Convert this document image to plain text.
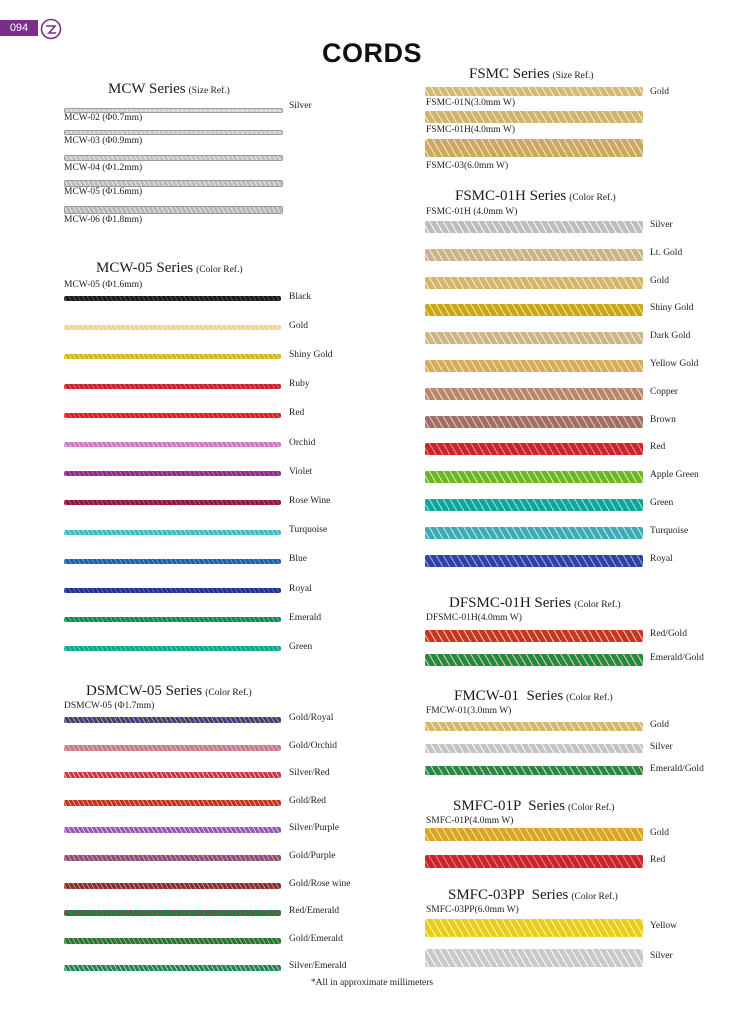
094
CORDS
MCW Series (Size Ref.)
Silver
MCW-02 (Φ0.7mm)
MCW-03 (Φ0.9mm)
MCW-04 (Φ1.2mm)
MCW-05 (Φ1.6mm)
MCW-06 (Φ1.8mm)
MCW-05 Series (Color Ref.)
MCW-05 (Φ1.6mm)
Black
Gold
Shiny Gold
Ruby
Red
Orchid
Violet
Rose Wine
Turquoise
Blue
Royal
Emerald
Green
DSMCW-05 Series (Color Ref.)
DSMCW-05 (Φ1.7mm)
Gold/Royal
Gold/Orchid
Silver/Red
Gold/Red
Silver/Purple
Gold/Purple
Gold/Rose wine
Red/Emerald
Gold/Emerald
Silver/Emerald
FSMC Series (Size Ref.)
Gold
FSMC-01N(3.0mm W)
FSMC-01H(4.0mm W)
FSMC-03(6.0mm W)
FSMC-01H Series (Color Ref.)
FSMC-01H (4.0mm W)
Silver
Lt. Gold
Gold
Shiny Gold
Dark Gold
Yellow Gold
Copper
Brown
Red
Apple Green
Green
Turquoise
Royal
DFSMC-01H Series (Color Ref.)
DFSMC-01H(4.0mm W)
Red/Gold
Emerald/Gold
FMCW-01  Series (Color Ref.)
FMCW-01(3.0mm W)
Gold
Silver
Emerald/Gold
SMFC-01P  Series (Color Ref.)
SMFC-01P(4.0mm W)
Gold
Red
SMFC-03PP  Series (Color Ref.)
SMFC-03PP(6.0mm W)
Yellow
Silver
*All in approximate millimeters
